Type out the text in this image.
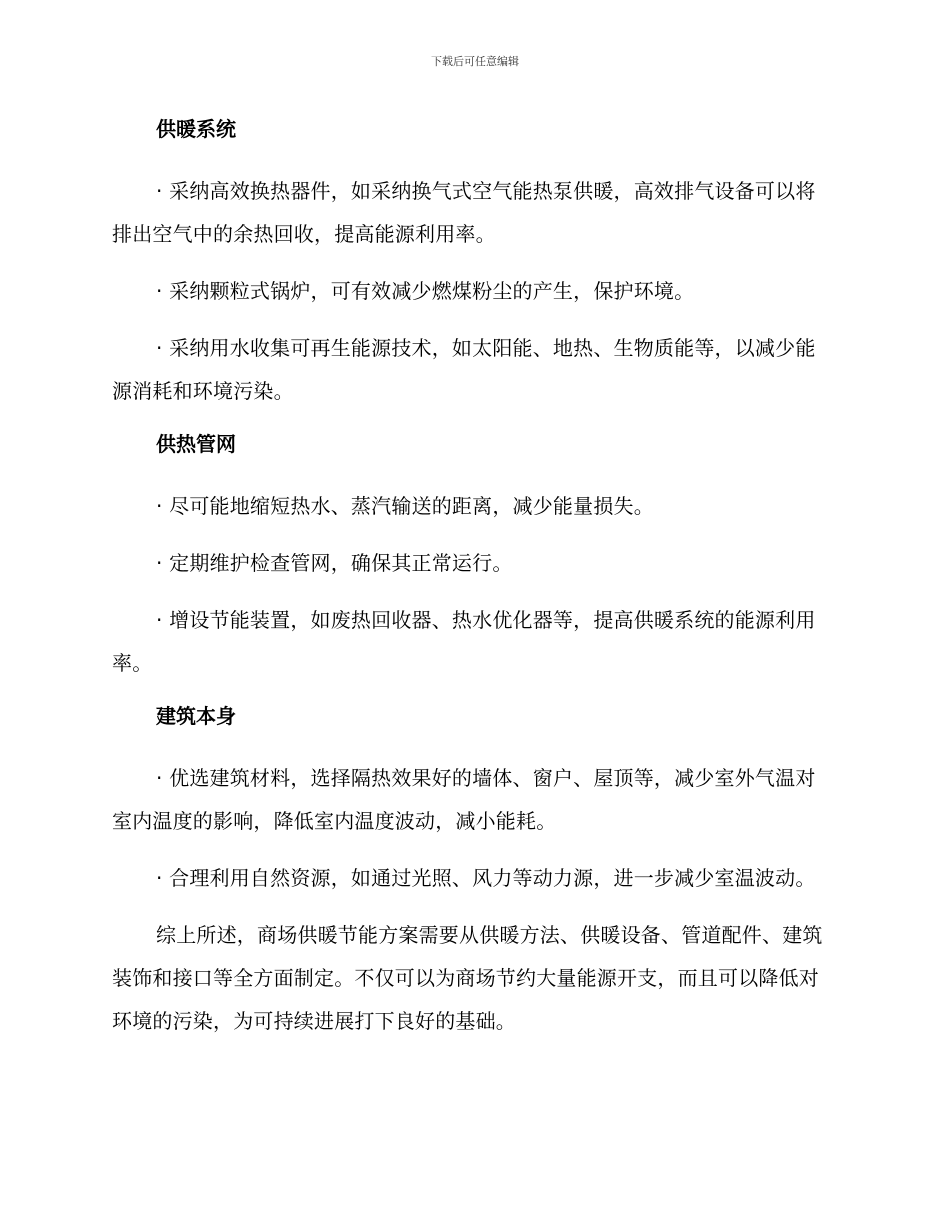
下载后可任意编辑
供暖系统

· 采纳高效换热器件，如采纳换气式空气能热泵供暖，高效排气设备可以将排出空气中的余热回收，提高能源利用率。

· 采纳颗粒式锅炉，可有效减少燃煤粉尘的产生，保护环境。

· 采纳用水收集可再生能源技术，如太阳能、地热、生物质能等，以减少能源消耗和环境污染。

供热管网

· 尽可能地缩短热水、蒸汽输送的距离，减少能量损失。

· 定期维护检查管网，确保其正常运行。

· 增设节能装置，如废热回收器、热水优化器等，提高供暖系统的能源利用率。

建筑本身

· 优选建筑材料，选择隔热效果好的墙体、窗户、屋顶等，减少室外气温对室内温度的影响，降低室内温度波动，减小能耗。

· 合理利用自然资源，如通过光照、风力等动力源，进一步减少室温波动。

综上所述，商场供暖节能方案需要从供暖方法、供暖设备、管道配件、建筑装饰和接口等全方面制定。不仅可以为商场节约大量能源开支，而且可以降低对环境的污染，为可持续进展打下良好的基础。
